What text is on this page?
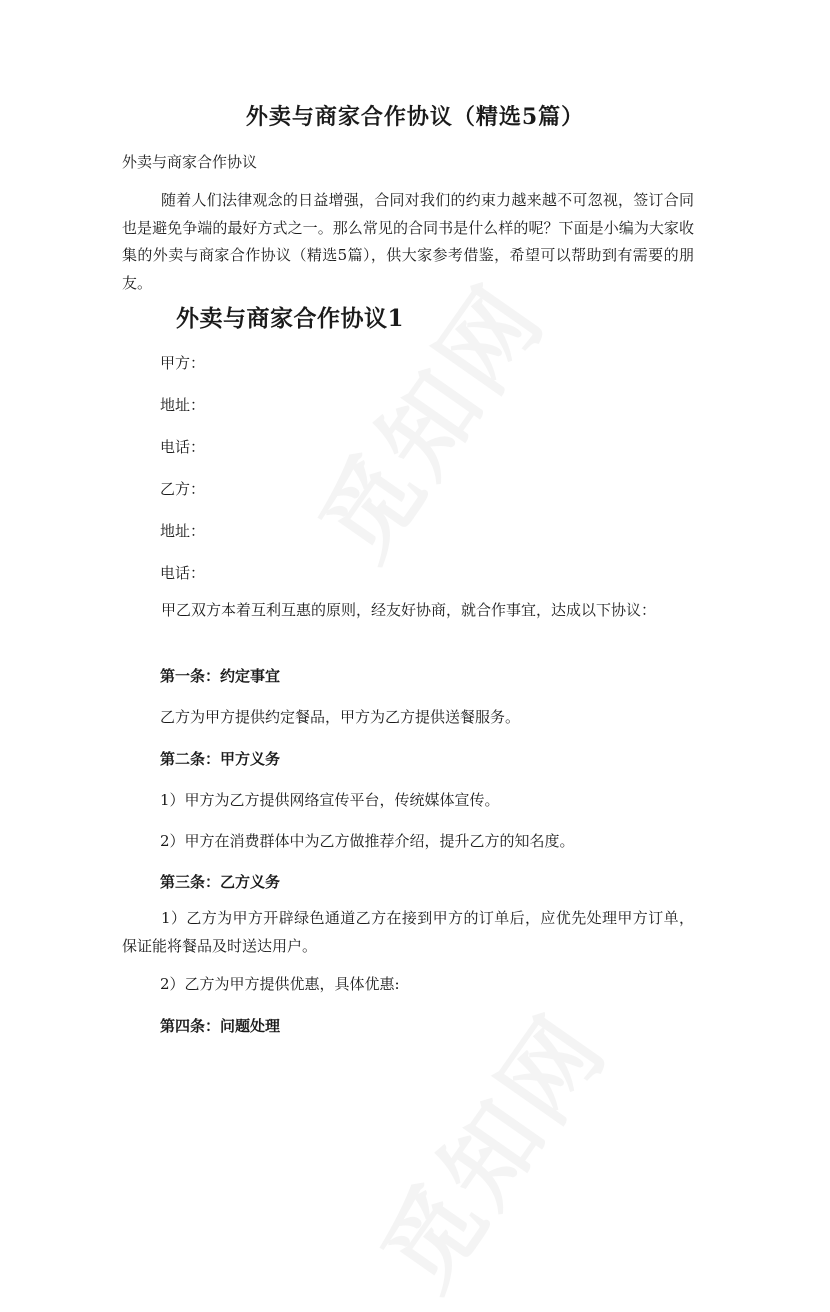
外卖与商家合作协议（精选5篇）
外卖与商家合作协议

随着人们法律观念的日益增强，合同对我们的约束力越来越不可忽视，签订合同也是避免争端的最好方式之一。那么常见的合同书是什么样的呢？下面是小编为大家收集的外卖与商家合作协议（精选5篇），供大家参考借鉴，希望可以帮助到有需要的朋友。

外卖与商家合作协议1
甲方：
地址：
电话：
乙方：
地址：
电话：

甲乙双方本着互利互惠的原则，经友好协商，就合作事宜，达成以下协议：

第一条：约定事宜
乙方为甲方提供约定餐品，甲方为乙方提供送餐服务。
第二条：甲方义务
1）甲方为乙方提供网络宣传平台，传统媒体宣传。
2）甲方在消费群体中为乙方做推荐介绍，提升乙方的知名度。
第三条：乙方义务

1）乙方为甲方开辟绿色通道乙方在接到甲方的订单后，应优先处理甲方订单，保证能将餐品及时送达用户。

2）乙方为甲方提供优惠，具体优惠:
第四条：问题处理
